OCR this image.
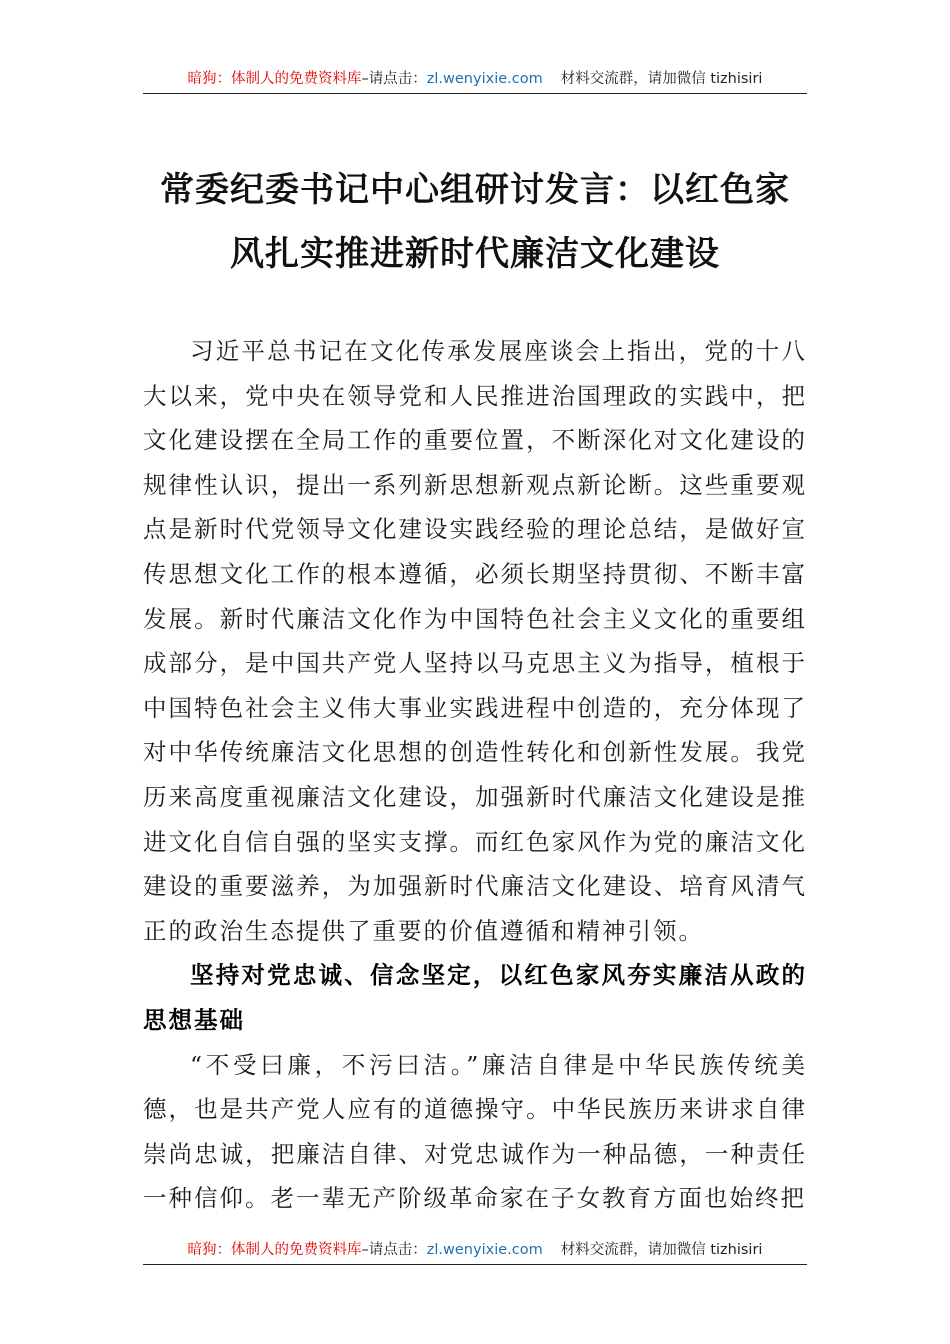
暗狗：体制人的免费资料库–请点击：zl.wenyixie.com 材料交流群，请加微信 tizhisiri
常委纪委书记中心组研讨发言：以红色家
风扎实推进新时代廉洁文化建设

习近平总书记在文化传承发展座谈会上指出，党的十八大以来，党中央在领导党和人民推进治国理政的实践中，把文化建设摆在全局工作的重要位置，不断深化对文化建设的规律性认识，提出一系列新思想新观点新论断。这些重要观点是新时代党领导文化建设实践经验的理论总结，是做好宣传思想文化工作的根本遵循，必须长期坚持贯彻、不断丰富发展。新时代廉洁文化作为中国特色社会主义文化的重要组成部分，是中国共产党人坚持以马克思主义为指导，植根于中国特色社会主义伟大事业实践进程中创造的，充分体现了对中华传统廉洁文化思想的创造性转化和创新性发展。我党历来高度重视廉洁文化建设，加强新时代廉洁文化建设是推进文化自信自强的坚实支撑。而红色家风作为党的廉洁文化建设的重要滋养，为加强新时代廉洁文化建设、培育风清气正的政治生态提供了重要的价值遵循和精神引领。

坚持对党忠诚、信念坚定，以红色家风夯实廉洁从政的思想基础

“不受曰廉，不污曰洁。”廉洁自律是中华民族传统美德，也是共产党人应有的道德操守。中华民族历来讲求自律崇尚忠诚，把廉洁自律、对党忠诚作为一种品德，一种责任一种信仰。老一辈无产阶级革命家在子女教育方面也始终把

暗狗：体制人的免费资料库–请点击：zl.wenyixie.com 材料交流群，请加微信 tizhisiri
